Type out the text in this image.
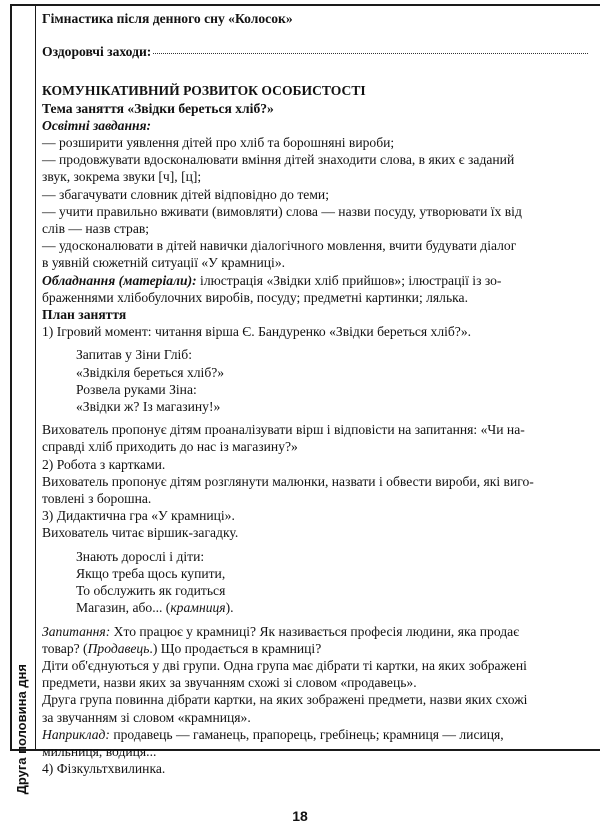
Друга половина дня
Гімнастика після денного сну «Колосок»
Оздоровчі заходи:
КОМУНІКАТИВНИЙ РОЗВИТОК ОСОБИСТОСТІ
Тема заняття «Звідки береться хліб?»
Освітні завдання:
— розширити уявлення дітей про хліб та борошняні вироби;
— продовжувати вдосконалювати вміння дітей знаходити слова, в яких є заданий
звук, зокрема звуки [ч], [ц];
— збагачувати словник дітей відповідно до теми;
— учити правильно вживати (вимовляти) слова — назви посуду, утворювати їх від
слів — назв страв;
— удосконалювати в дітей навички діалогічного мовлення, вчити будувати діалог
в уявній сюжетній ситуації «У крамниці».
Обладнання (матеріали): ілюстрація «Звідки хліб прийшов»; ілюстрації із зо-
браженнями хлібобулочних виробів, посуду; предметні картинки; лялька.
План заняття
1) Ігровий момент: читання вірша Є. Бандуренко «Звідки береться хліб?».
Запитав у Зіни Гліб:
«Звідкіля береться хліб?»
Розвела руками Зіна:
«Звідки ж? Із магазину!»
Вихователь пропонує дітям проаналізувати вірш і відповісти на запитання: «Чи на-
справді хліб приходить до нас із магазину?»
2) Робота з картками.
Вихователь пропонує дітям розглянути малюнки, назвати і обвести вироби, які виго-
товлені з борошна.
3) Дидактична гра «У крамниці».
Вихователь читає віршик-загадку.
Знають дорослі і діти:
Якщо треба щось купити,
То обслужить як годиться
Магазин, або... (крамниця).
Запитання: Хто працює у крамниці? Як називається професія людини, яка продає
товар? (Продавець.) Що продається в крамниці?
Діти об'єднуються у дві групи. Одна група має дібрати ті картки, на яких зображені
предмети, назви яких за звучанням схожі зі словом «продавець».
Друга група повинна дібрати картки, на яких зображені предмети, назви яких схожі
за звучанням зі словом «крамниця».
Наприклад: продавець — гаманець, прапорець, гребінець; крамниця — лисиця,
мильниця, водиця...
4) Фізкультхвилинка.
18
